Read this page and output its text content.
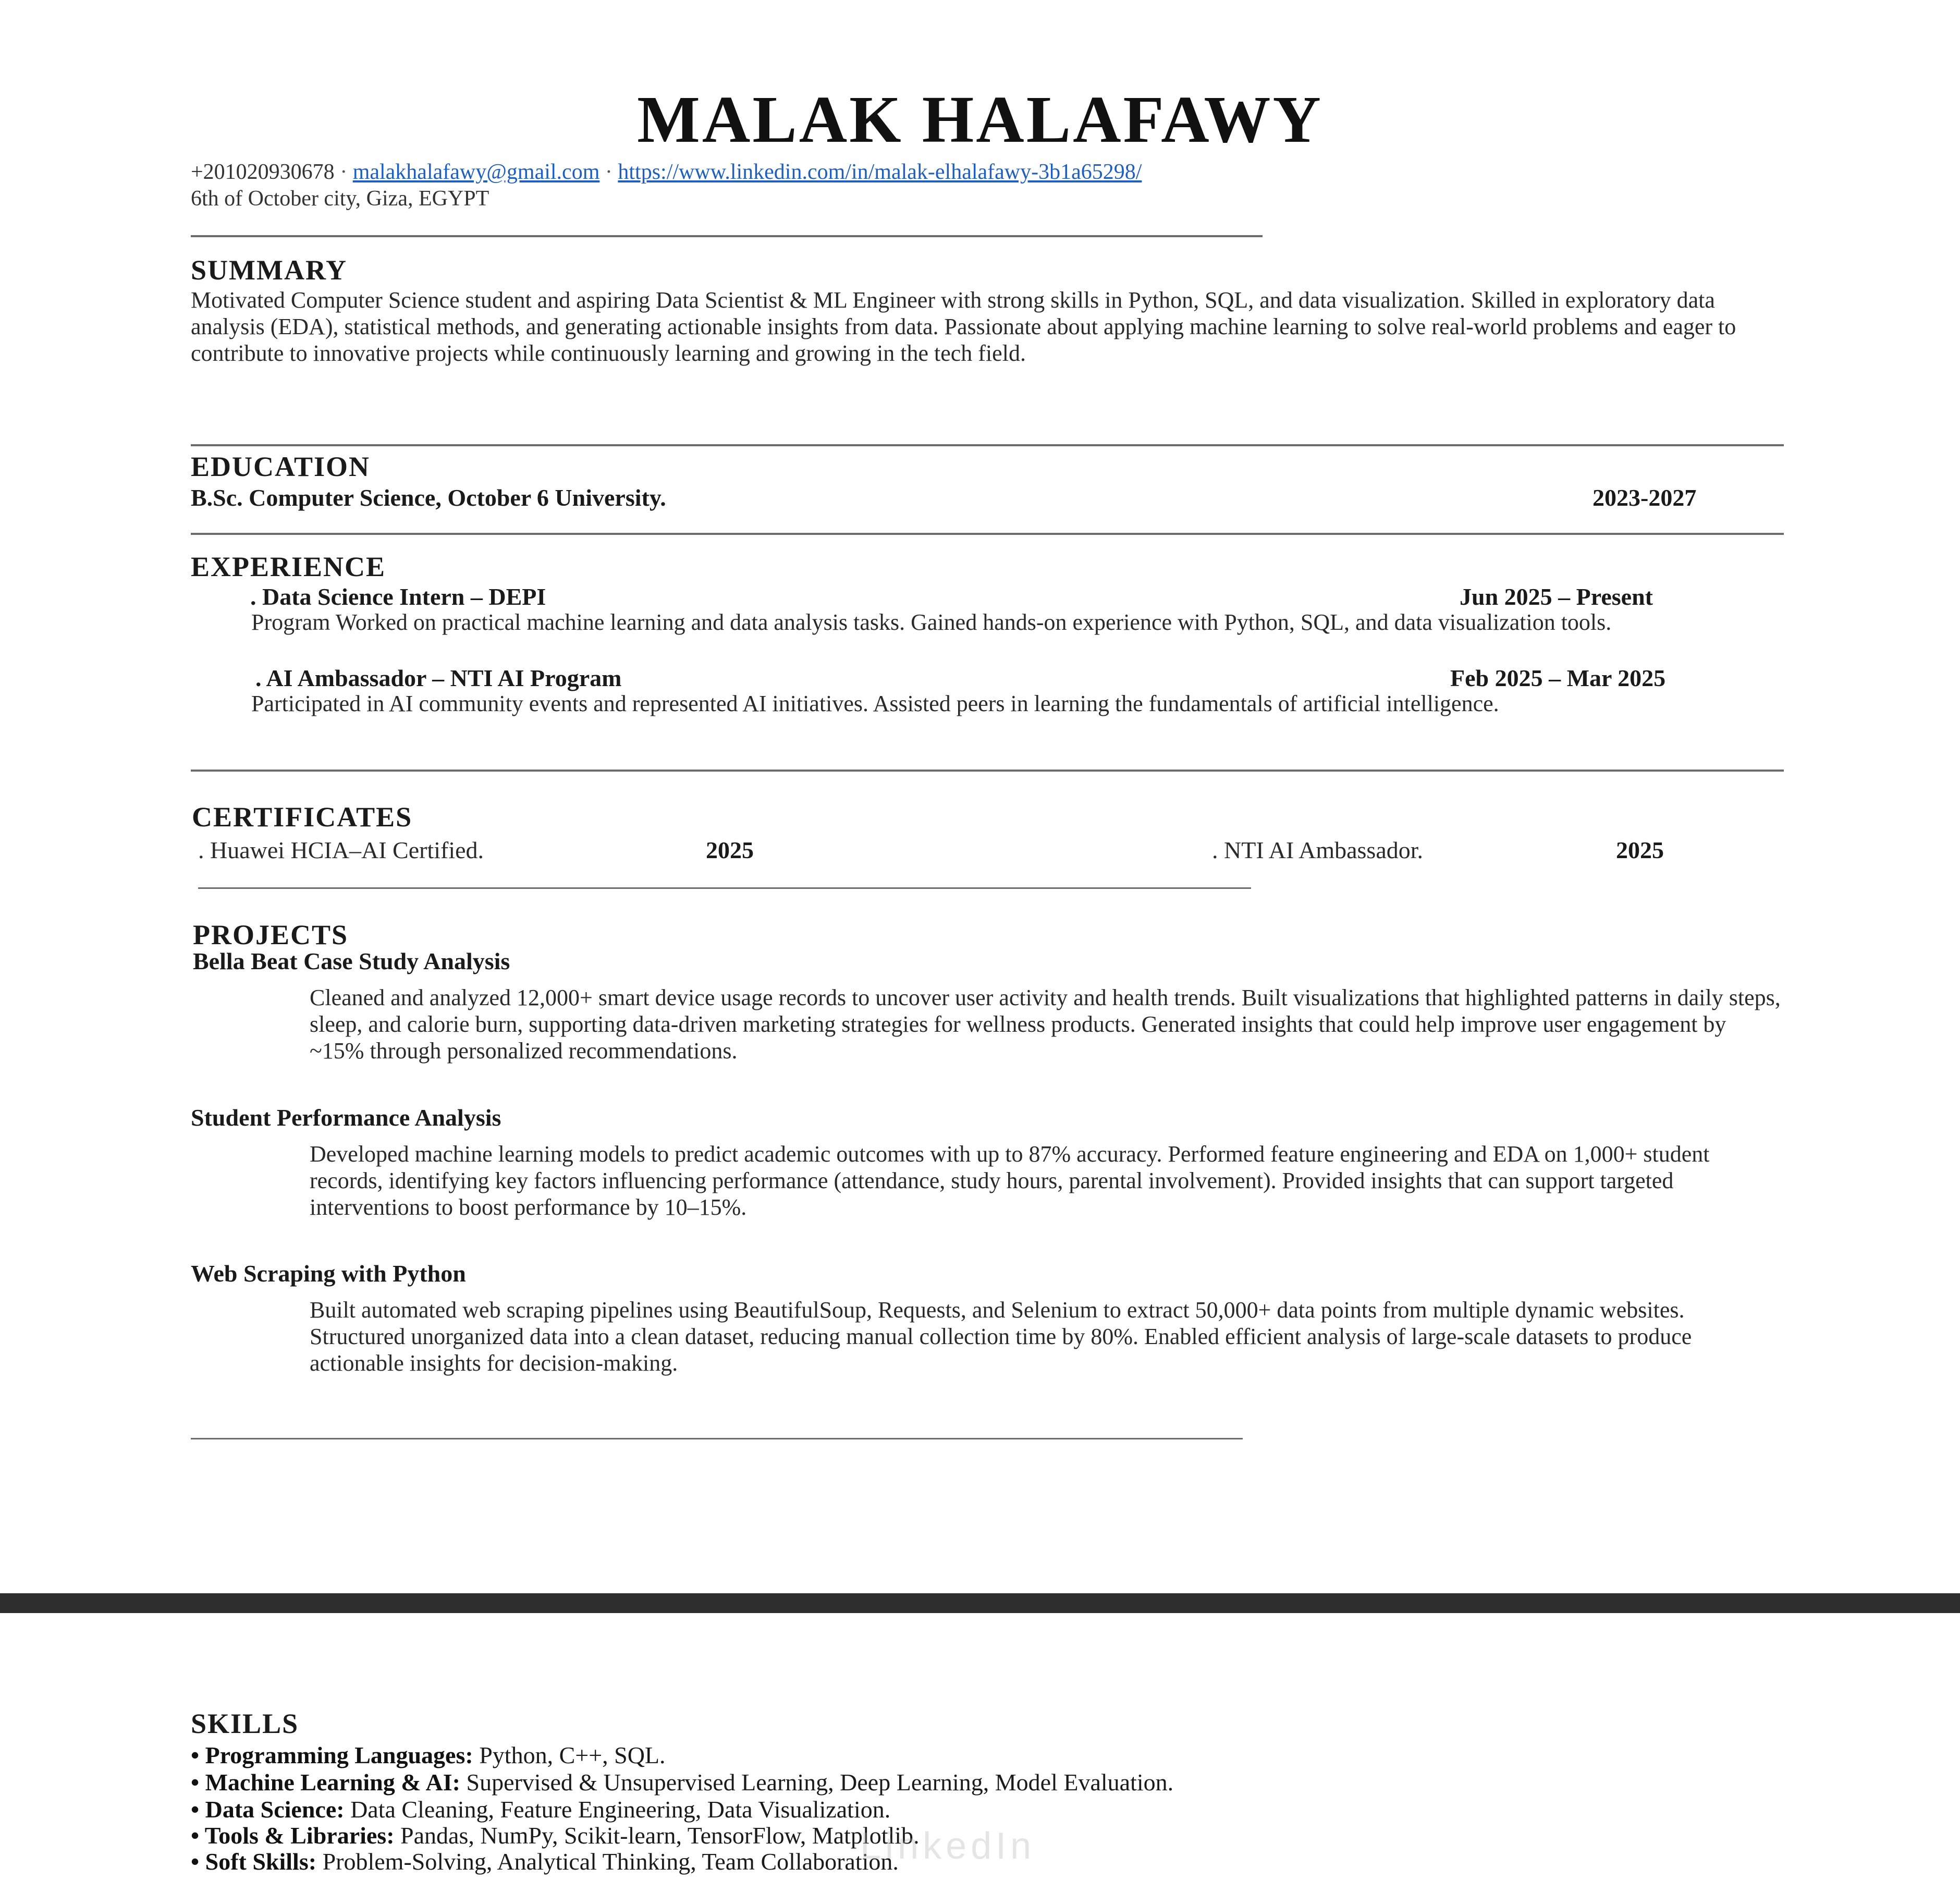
MALAK HALAFAWY
+201020930678 · malakhalafawy@gmail.com · https://www.linkedin.com/in/malak-elhalafawy-3b1a65298/
6th of October city, Giza, EGYPT
SUMMARY
Motivated Computer Science student and aspiring Data Scientist & ML Engineer with strong skills in Python, SQL, and data visualization. Skilled in exploratory data analysis (EDA), statistical methods, and generating actionable insights from data. Passionate about applying machine learning to solve real-world problems and eager to contribute to innovative projects while continuously learning and growing in the tech field.
EDUCATION
B.Sc. Computer Science, October 6 University.	2023-2027
EXPERIENCE
. Data Science Intern – DEPI	Jun 2025 – Present
Program Worked on practical machine learning and data analysis tasks. Gained hands-on experience with Python, SQL, and data visualization tools.
. AI Ambassador – NTI AI Program	Feb 2025 – Mar 2025
Participated in AI community events and represented AI initiatives. Assisted peers in learning the fundamentals of artificial intelligence.
CERTIFICATES
. Huawei HCIA–AI Certified.	2025	. NTI AI Ambassador.	2025
PROJECTS
Bella Beat Case Study Analysis
Cleaned and analyzed 12,000+ smart device usage records to uncover user activity and health trends. Built visualizations that highlighted patterns in daily steps, sleep, and calorie burn, supporting data-driven marketing strategies for wellness products. Generated insights that could help improve user engagement by ~15% through personalized recommendations.
Student Performance Analysis
Developed machine learning models to predict academic outcomes with up to 87% accuracy. Performed feature engineering and EDA on 1,000+ student records, identifying key factors influencing performance (attendance, study hours, parental involvement). Provided insights that can support targeted interventions to boost performance by 10–15%.
Web Scraping with Python
Built automated web scraping pipelines using BeautifulSoup, Requests, and Selenium to extract 50,000+ data points from multiple dynamic websites. Structured unorganized data into a clean dataset, reducing manual collection time by 80%. Enabled efficient analysis of large-scale datasets to produce actionable insights for decision-making.
SKILLS
• Programming Languages: Python, C++, SQL.
• Machine Learning & AI: Supervised & Unsupervised Learning, Deep Learning, Model Evaluation.
• Data Science: Data Cleaning, Feature Engineering, Data Visualization.
• Tools & Libraries: Pandas, NumPy, Scikit-learn, TensorFlow, Matplotlib.
• Soft Skills: Problem-Solving, Analytical Thinking, Team Collaboration.
LinkedIn
